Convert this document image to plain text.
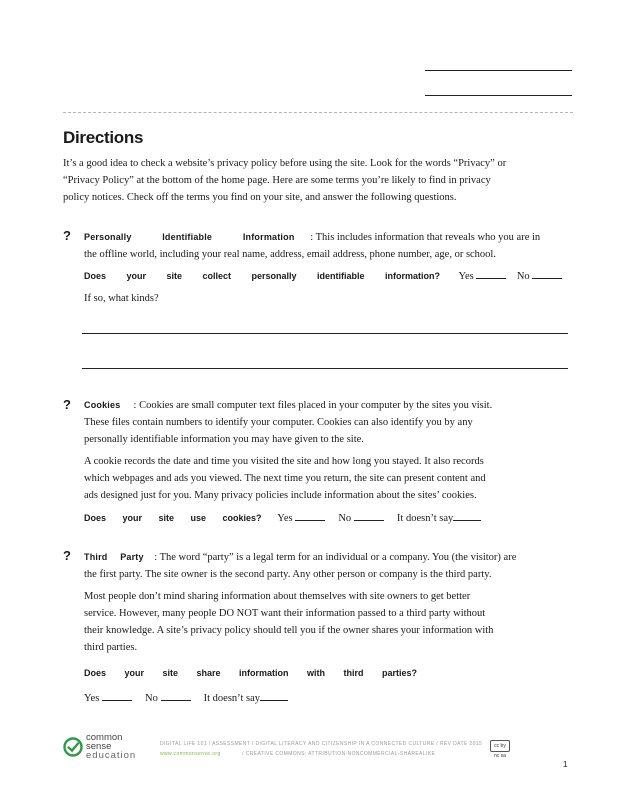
Directions
It’s a good idea to check a website’s privacy policy before using the site. Look for the words “Privacy” or
“Privacy Policy” at the bottom of the home page. Here are some terms you’re likely to find in privacy
policy notices. Check off the terms you find on your site, and answer the following questions.
? Personally Identifiable Information : This includes information that reveals who you are in
the offline world, including your real name, address, email address, phone number, age, or school.
Does your site collect personally identifiable information? Yes	No
If so, what kinds?
? Cookies : Cookies are small computer text files placed in your computer by the sites you visit.
These files contain numbers to identify your computer. Cookies can also identify you by any
personally identifiable information you may have given to the site.
A cookie records the date and time you visited the site and how long you stayed. It also records
which webpages and ads you viewed. The next time you return, the site can present content and
ads designed just for you. Many privacy policies include information about the sites’ cookies.
Does your site use cookies? Yes	No	It doesn’t say
? Third Party : The word “party” is a legal term for an individual or a company. You (the visitor) are
the first party. The site owner is the second party. Any other person or company is the third party.
Most people don’t mind sharing information about themselves with site owners to get better
service. However, many people DO NOT want their information passed to a third party without
their knowledge. A site’s privacy policy should tell you if the owner shares your information with
third parties.
Does your site share information with third parties?
Yes	No	It doesn’t say
common
sense
education
DIGITAL LIFE 101 / ASSESSMENT / DIGITAL LITERACY AND CITIZENSHIP IN A CONNECTED CULTURE / REV DATE 2015
www.commonsense.org	/ CREATIVE COMMONS: ATTRIBUTION-NONCOMMERCIAL-SHAREALIKE
cc by nc sa
1
